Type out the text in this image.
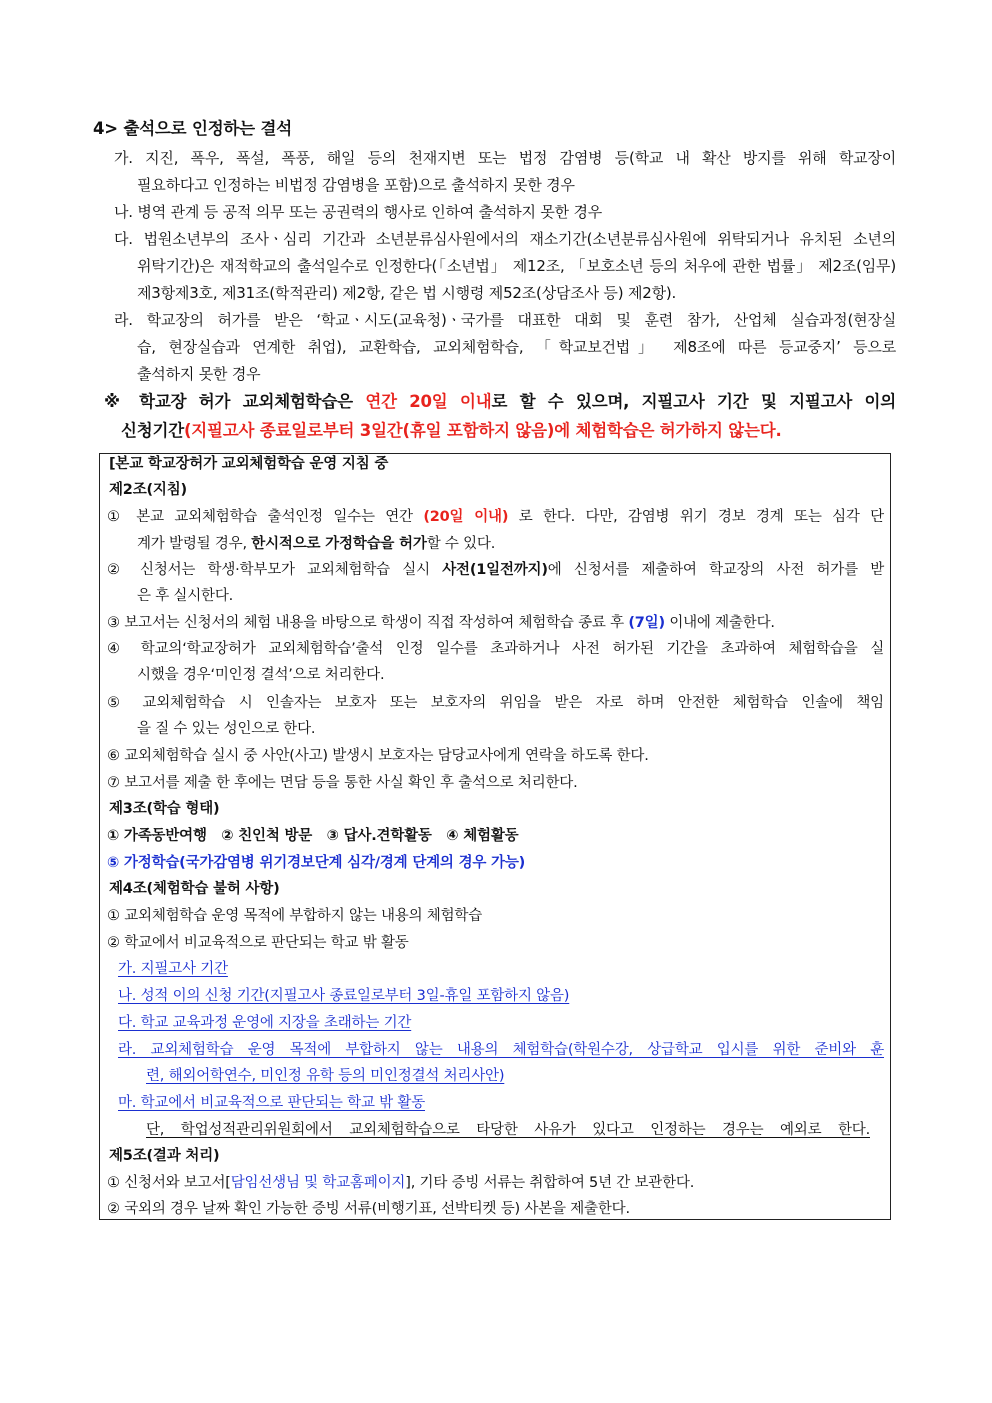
4> 출석으로 인정하는 결석
가. 지진, 폭우, 폭설, 폭풍, 해일 등의 천재지변 또는 법정 감염병 등(학교 내 확산 방지를 위해 학교장이
필요하다고 인정하는 비법정 감염병을 포함)으로 출석하지 못한 경우
나. 병역 관계 등 공적 의무 또는 공권력의 행사로 인하여 출석하지 못한 경우
다. 법원소년부의 조사ㆍ심리 기간과 소년분류심사원에서의 재소기간(소년분류심사원에 위탁되거나 유치된 소년의
위탁기간)은 재적학교의 출석일수로 인정한다(「소년법」 제12조, 「보호소년 등의 처우에 관한 법률」 제2조(임무)
제3항제3호, 제31조(학적관리) 제2항, 같은 법 시행령 제52조(상담조사 등) 제2항).
라. 학교장의 허가를 받은 ‘학교ㆍ시도(교육청)ㆍ국가를 대표한 대회 및 훈련 참가, 산업체 실습과정(현장실
습, 현장실습과 연계한 취업), 교환학습, 교외체험학습, 「학교보건법」 제8조에 따른 등교중지’ 등으로
출석하지 못한 경우
※ 학교장 허가 교외체험학습은 연간 20일 이내로 할 수 있으며, 지필고사 기간 및 지필고사 이의
신청기간(지필고사 종료일로부터 3일간(휴일 포함하지 않음)에 체험학습은 허가하지 않는다.
[본교 학교장허가 교외체험학습 운영 지침 중
제2조(지침)
① 본교 교외체험학습 출석인정 일수는 연간 (20일 이내) 로 한다. 다만, 감염병 위기 경보 경계 또는 심각 단
계가 발령될 경우, 한시적으로 가정학습을 허가할 수 있다.
② 신청서는 학생·학부모가 교외체험학습 실시 사전(1일전까지)에 신청서를 제출하여 학교장의 사전 허가를 받
은 후 실시한다.
③ 보고서는 신청서의 체험 내용을 바탕으로 학생이 직접 작성하여 체험학습 종료 후 (7일) 이내에 제출한다.
④ 학교의‘학교장허가 교외체험학습’출석 인정 일수를 초과하거나 사전 허가된 기간을 초과하여 체험학습을 실
시했을 경우‘미인정 결석’으로 처리한다.
⑤ 교외체험학습 시 인솔자는 보호자 또는 보호자의 위임을 받은 자로 하며 안전한 체험학습 인솔에 책임
을 질 수 있는 성인으로 한다.
⑥ 교외체험학습 실시 중 사안(사고) 발생시 보호자는 담당교사에게 연락을 하도록 한다.
⑦ 보고서를 제출 한 후에는 면담 등을 통한 사실 확인 후 출석으로 처리한다.
제3조(학습 형태)
① 가족동반여행   ② 친인척 방문   ③ 답사.견학활동   ④ 체험활동
⑤ 가정학습(국가감염병 위기경보단계 심각/경계 단계의 경우 가능)
제4조(체험학습 불허 사항)
① 교외체험학습 운영 목적에 부합하지 않는 내용의 체험학습
② 학교에서 비교육적으로 판단되는 학교 밖 활동
가. 지필고사 기간
나. 성적 이의 신청 기간(지필고사 종료일로부터 3일-휴일 포함하지 않음)
다. 학교 교육과정 운영에 지장을 초래하는 기간
라. 교외체험학습 운영 목적에 부합하지 않는 내용의 체험학습(학원수강, 상급학교 입시를 위한 준비와 훈
련, 해외어학연수, 미인정 유학 등의 미인정결석 처리사안)
마. 학교에서 비교육적으로 판단되는 학교 밖 활동
단, 학업성적관리위원회에서 교외체험학습으로 타당한 사유가 있다고 인정하는 경우는 예외로 한다.
제5조(결과 처리)
① 신청서와 보고서[담임선생님 및 학교홈페이지], 기타 증빙 서류는 취합하여 5년 간 보관한다.
② 국외의 경우 날짜 확인 가능한 증빙 서류(비행기표, 선박티켓 등) 사본을 제출한다.
